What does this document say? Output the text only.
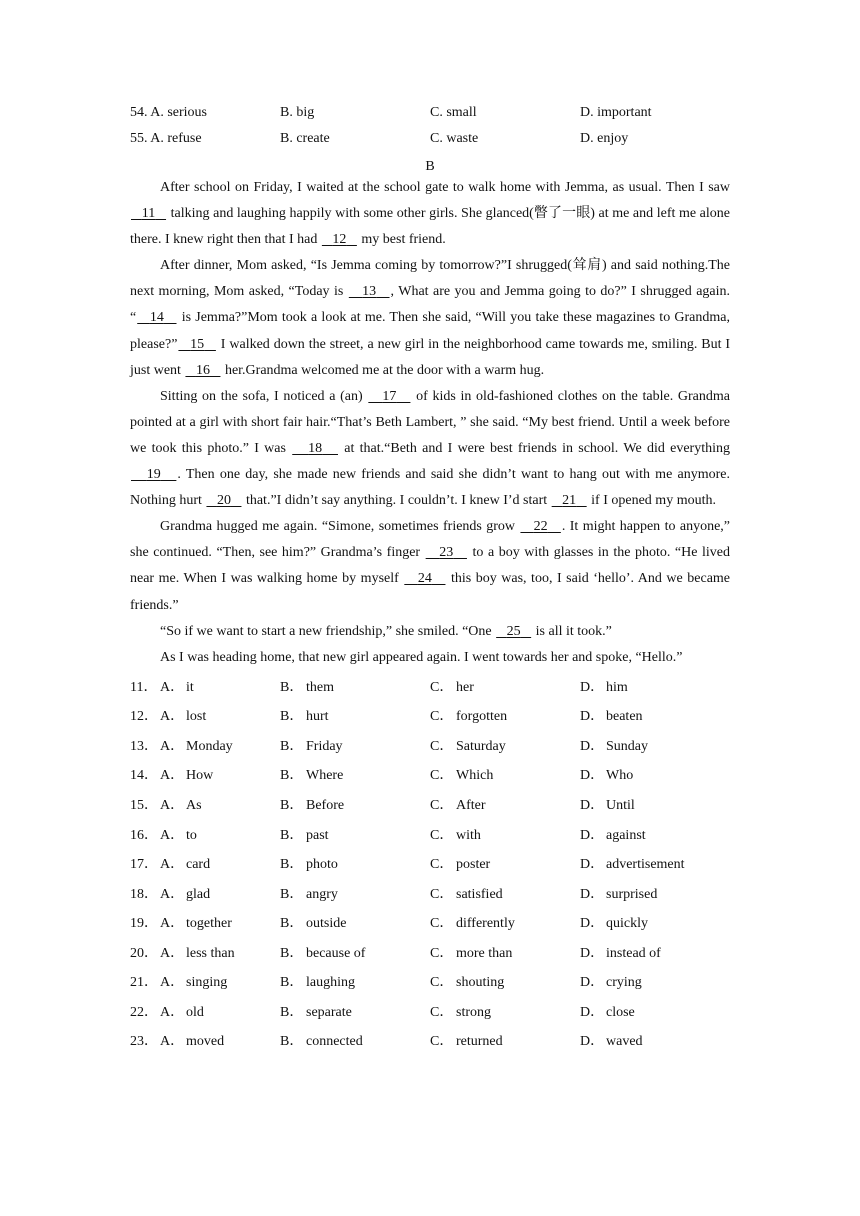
54. A. serious	B. big	C. small	D. important
55. A. refuse	B. create	C. waste	D. enjoy
B

After school on Friday, I waited at the school gate to walk home with Jemma, as usual. Then I saw    11    talking and laughing happily with some other girls. She glanced(瞥了一眼) at me and left me alone there. I knew right then that I had    12    my best friend.

After dinner, Mom asked, “Is Jemma coming by tomorrow?”I shrugged(耸肩) and said nothing.The next morning, Mom asked, “Today is    13 , What are you and Jemma going to do?” I shrugged again. “ 14    is Jemma?”Mom took a look at me. Then she said, “Will you take these magazines to Grandma, please?” 15    I walked down the street, a new girl in the neighborhood came towards me, smiling. But I just went    16    her.Grandma welcomed me at the door with a warm hug.

Sitting on the sofa, I noticed a (an)    17    of kids in old-fashioned clothes on the table. Grandma pointed at a girl with short fair hair.“That’s Beth Lambert, ” she said. “My best friend. Until a week before we took this photo.” I was    18    at that.“Beth and I were best friends in school. We did everything    19 . Then one day, she made new friends and said she didn’t want to hang out with me anymore. Nothing hurt    20    that.”I didn’t say anything. I couldn’t. I knew I’d start    21    if I opened my mouth.

Grandma hugged me again. “Simone, sometimes friends grow    22 . It might happen to anyone,” she continued. “Then, see him?” Grandma’s finger    23    to a boy with glasses in the photo. “He lived near me. When I was walking home by myself    24    this boy was, too, I said ‘hello’. And we became friends.”

“So if we want to start a new friendship,” she smiled. “One    25    is all it took.”

As I was heading home, that new girl appeared again. I went towards her and spoke, “Hello.”

11． A． it	B． them	C． her	D． him
12． A． lost	B． hurt	C． forgotten	D． beaten
13． A． Monday	B． Friday	C． Saturday	D． Sunday
14． A． How	B． Where	C． Which	D． Who
15． A． As	B． Before	C． After	D． Until
16． A． to	B． past	C． with	D． against
17． A． card	B． photo	C． poster	D． advertisement
18． A． glad	B． angry	C． satisfied	D． surprised
19． A． together	B． outside	C． differently	D． quickly
20． A． less than	B． because of	C． more than	D． instead of
21． A． singing	B． laughing	C． shouting	D． crying
22． A． old	B． separate	C． strong	D． close
23． A． moved	B． connected	C． returned	D． waved
